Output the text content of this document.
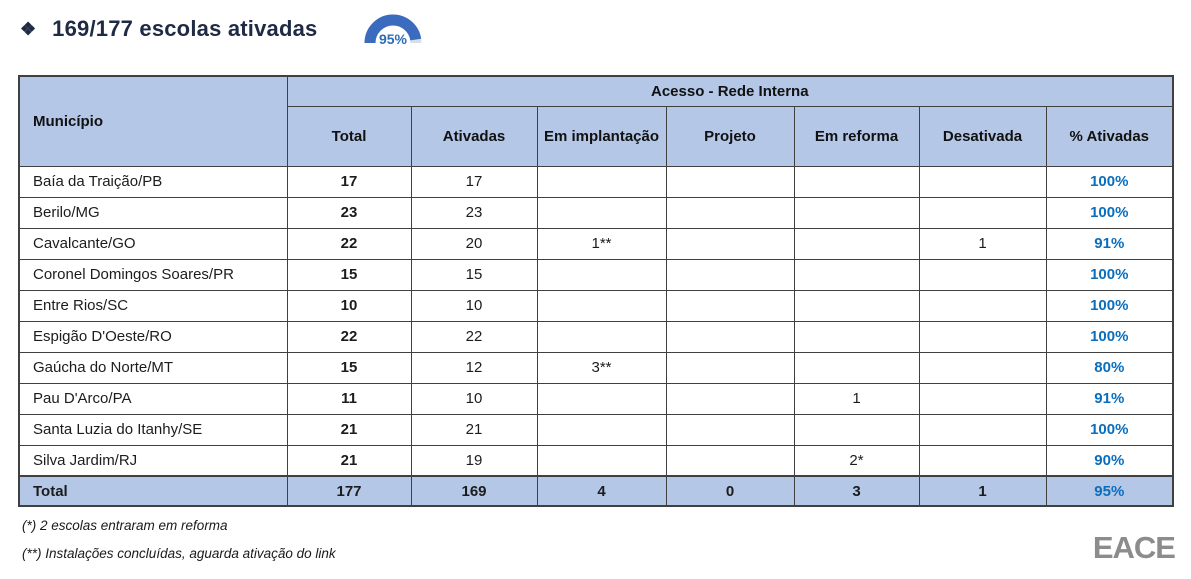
❖ 169/177 escolas ativadas	95%
Município	Acesso - Rede Interna						
	Total	Ativadas	Em implantação	Projeto	Em reforma	Desativada	% Ativadas
Baía da Traição/PB	17	17					100%
Berilo/MG	23	23					100%
Cavalcante/GO	22	20	1**			1	91%
Coronel Domingos Soares/PR	15	15					100%
Entre Rios/SC	10	10					100%
Espigão D'Oeste/RO	22	22					100%
Gaúcha do Norte/MT	15	12	3**				80%
Pau D'Arco/PA	11	10			1		91%
Santa Luzia do Itanhy/SE	21	21					100%
Silva Jardim/RJ	21	19			2*		90%
Total	177	169	4	0	3	1	95%
(*) 2 escolas entraram em reforma
(**) Instalações concluídas, aguarda ativação do link	EACE
